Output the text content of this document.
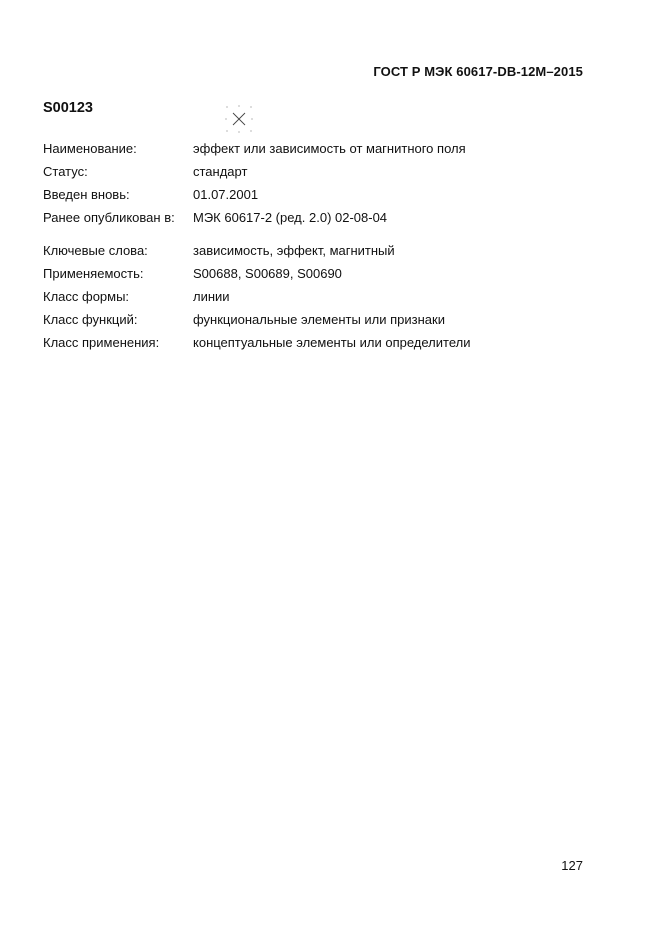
ГОСТ Р МЭК 60617-DB-12M–2015
S00123
Наименование:	эффект или зависимость от магнитного поля
Статус:	стандарт
Введен вновь:	01.07.2001
Ранее опубликован в: МЭК 60617-2 (ред. 2.0) 02-08-04
Ключевые слова:	зависимость, эффект, магнитный
Применяемость:	S00688, S00689, S00690
Класс формы:	линии
Класс функций:	функциональные элементы или признаки
Класс применения:	концептуальные элементы или определители
127
